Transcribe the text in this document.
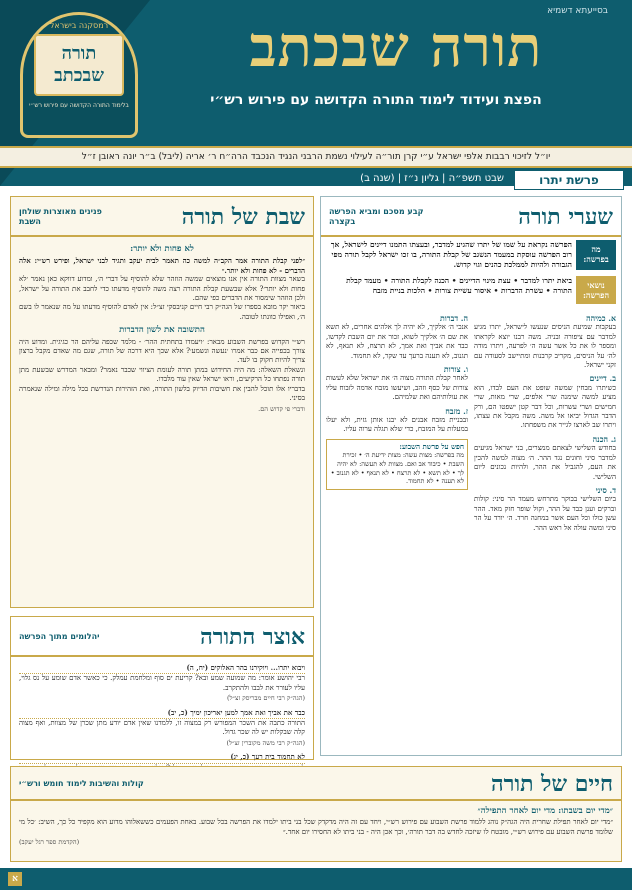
בסייעתא דשמיא
תורה שבכתב
הפצת ועידוד לימוד התורה הקדושה עם פירוש רש״י
רמסקנה בישראל
תורה
שבכתב
בלימוד התורה הקדושה עם פירוש רש״י
יו״ל לזיכוי רבבות אלפי ישראל ע״י קרן תור״ה לעילוי נשמת הרבני הנגיד הנכבד הרה״ח ר׳ אריה (ליבל) ב״ר יונה ראובן ז״ל
פרשת יתרו
שבט תשפ״ה | גליון נ״ז | (שנה ב)
שערי תורה
קבע מסכם ומביא הפרשה בקצרה
מה בפרשה:
הפרשה נקראת על שמו של יתרו שהגיע למדבר, ובעצתו התמנו דיינים לישראל, אך רוב הפרשה עוסקת במעמד הנשגב של קבלת התורה, בו זכו ישראל לקבל תורה מפי הגבורה ולהיות לממלכת כהנים וגוי קדוש.
נושאי הפרשה:
ביאת יתרו למדבר • עצת מינוי הדיינים • הכנה לקבלת התורה • מעמד קבלת התורה • עשרת הדברות • איסור עשיית צורות • הלכות בניית מזבח
א. כמיהה
בעקבות שמיעת הניסים שנעשו לישראל, יתרו מגיע למדבר עם ציפורה ובניה. משה רבנו יוצא לקראתו ומספר לו את כל אשר עשה ה׳ לפרעה, ויתרו מודה לה׳ על הניסים, מקריב קרבנות ומתיישב לסעודה עם זקני ישראל.
ב. דיינים
כשיתרו מבחין שמשה שופט את העם לבדו, הוא מציע למשה שימנה שרי אלפים, שרי מאות, שרי חמישים ושרי עשרות, וכל דבר קטן ישפטו הם, ורק הדבר הגדול יביאו אל משה. משה מקבל את עצתו, ויתרו שב לארצו לגייר את משפחתו.
ג. הכנה
בחודש השלישי לצאתם ממצרים, בני ישראל מגיעים למדבר סיני וחונים נגד ההר. ה׳ מצוה למשה להכין את העם, להגביל את ההר, ולהיות נכונים ליום השלישי.
ד. סיני
ביום השלישי בבוקר מתרחש מעמד הר סיני: קולות וברקים וענן כבד על ההר, וקול שופר חזק מאד. ההר עשן כולו וכל העם אשר במחנה חרד. ה׳ יורד על הר סיני ומשה עולה אל ראש ההר.
ה. דברות
אנכי ה׳ אלקיך, לא יהיה לך אלהים אחרים, לא תשא את שם ה׳ אלקיך לשוא, זכור את יום השבת לקדשו, כבד את אביך ואת אמך, לא תרצח, לא תנאף, לא תגנוב, לא תענה ברעך עד שקר, לא תחמוד.
ו. צורות
לאחר קבלת התורה מצוה ה׳ את ישראל שלא לעשות צורות של כסף וזהב, ושיעשו מזבח אדמה לזבוח עליו את עולותיהם ואת שלמיהם.
ז. מזבח
ובבניית מזבח אבנים לא יבנו אותן גזית, ולא יעלו במעלות על המזבח, כדי שלא תגלה ערוה עליו.
חפש על פרשת השבוע:
מה בפרשה: מצות עשה: מצות ידיעת ה׳ • זכירת השבת • כיבוד אב ואם. מצוות לא תעשה: לא יהיה לך • לא תשא • לא תרצח • לא תנאף • לא תגנוב • לא תענה • לא תחמוד.
שבת של תורה
פנינים מאוצרות שולחן השבת
לא פחות ולא יותר:

״לפני קבלת התורה אמר הקב״ה למשה כה תאמר לבית יעקב ותגיד לבני ישראל, ופירש רש״י: אלה הדברים - לא פחות ולא יותר.״

בשאר מצוות התורה אין אנו מוצאים שמשה הוזהר שלא להוסיף על דברי ה׳, ומדוע דווקא כאן נאמר ׳לא פחות ולא יותר׳? אלא שבשעת קבלת התורה רצה משה להוסיף מדעתו כדי לחבב את התורה על ישראל, ולכן הוזהר שימסור את הדברים כפי שהם.

ביאור יקר מובא בספרו של הגה״ק רבי חיים קניבסקי זצ״ל: אין לאדם להוסיף מדעתו על מה שנאמר לו בשם ה׳, ואפילו כוונתו לטובה.

התשובה את לשון הדברות

רש״י הקדוש בפרשת השבוע מבאר: ׳ויעמדו בתחתית ההר׳ - מלמד שכפה עליהם הר כגיגית. ומדוע היה צורך בכפייה אם כבר אמרו ׳נעשה ונשמע׳? אלא שכך היא דרכה של תורה, שגם מה שאדם מקבל ברצון צריך להיות חקוק בו לעד.

ונשאלת השאלה: מה היה החידוש במתן תורה לעומת הציווי שכבר נאמר? ומבאר המדרש שבשעת מתן תורה נפתחו כל הרקיעים, וראו ישראל שאין עוד מלבדו.

בדבריו אלו תוכל להבין את חשיבות הדיוק בלשון התורה, ואת הזהירות הנדרשת בכל מילה ומילה שנאמרה בסיני.

ודברי פי קדוש הם.
אוצר התורה
יהלומים מתוך הפרשה
ויבוא יתרו... ויוקירנו בהר האלוקים (יח, ה)
רבי יהושע אומר: מה שמועה שמע ובא? קריעת ים סוף ומלחמת עמלק. כי כאשר אדם שומע על נס גלוי, עליו לעורר את לבבו ולהתקרב.
(הגה״ק רבי חיים מבריסק זצ״ל)
כבד את אביך ואת אמך למען יאריכון ימיך (כ, יב)
התורה כתבה את השכר המפורש רק במצוה זו, ללמדנו שאין אדם יודע מתן שכרן של מצוות, ואף מצוה קלה שבקלות יש לה שכר גדול.
(הגה״ק רבי משה מקוברין זצ״ל)
לא תחמוד בית רעך (כ, יג)
חיים של תורה
קולות והשיבות לימוד חומש ורש״י
״מדי יום בשבתו: מדי יום לאחר התפילה״

״מדי יום לאחר תפילת שחרית היה הגה״ק נוהג ללמוד פרשת השבוע עם פירוש רש״י, ויחד עם זה היה מדקדק שכל בני ביתו ילמדו את הפרשה בכל שבוע. באחת הפעמים כששאלוהו מדוע הוא מקפיד כל כך, השיב: ׳כל מי שלומד פרשת השבוע עם פירוש רש״י, מובטח לו שיזכה לחדש בה דבר תורה׳, וכך אכן היה - בני ביתו לא החסירו יום אחד.״

(הקדמת ספר רגל יעקב)
א
